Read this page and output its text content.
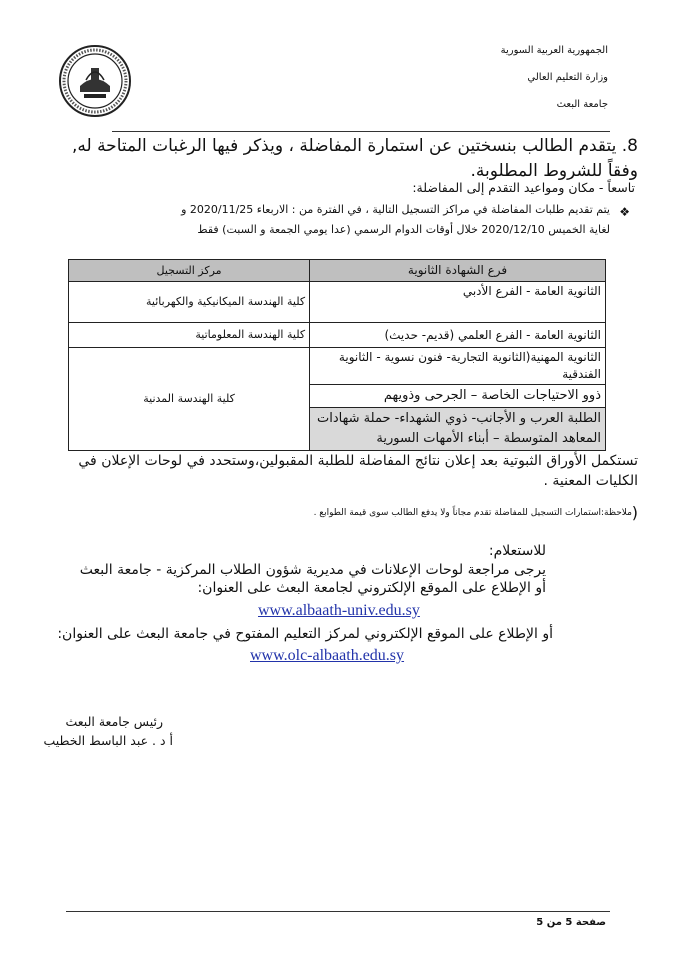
الجمهورية العربية السورية
وزارة التعليم العالي
جامعة البعث
8. يتقدم الطالب بنسختين عن استمارة المفاضلة ، ويذكر فيها الرغبات المتاحة له, وفقاً للشروط المطلوبة.
تاسعاً - مكان ومواعيد التقدم إلى المفاضلة:
❖
يتم تقديم طلبات المفاضلة في مراكز التسجيل التالية ، في الفترة من : الاربعاء 2020/11/25 و
لغاية الخميس 2020/12/10 خلال أوقات الدوام الرسمي (عدا يومي الجمعة و السبت) فقط
فرع الشهادة الثانوية	مركز التسجيل
الثانوية العامة - الفرع الأدبي	كلية الهندسة الميكانيكية والكهربائية
الثانوية العامة - الفرع العلمي (قديم- حديث)	كلية الهندسة المعلوماتية
الثانوية المهنية(الثانوية التجارية- فنون نسوية - الثانوية الفندقية	كلية الهندسة المدنية
ذوو الاحتياجات الخاصة – الجرحى وذويهم	
الطلبة العرب و الأجانب- ذوي الشهداء- حملة شهادات المعاهد المتوسطة – أبناء الأمهات السورية	
تستكمل الأوراق الثبوتية بعد إعلان نتائج المفاضلة للطلبة المقبولين،وستحدد في لوحات الإعلان في الكليات المعنية .
)
ملاحظة:استمارات التسجيل للمفاضلة تقدم مجاناً ولا يدفع الطالب سوى قيمة الطوابع .
للاستعلام:
يرجى مراجعة لوحات الإعلانات في مديرية شؤون الطلاب المركزية - جامعة البعث
أو الإطلاع على الموقع الإلكتروني لجامعة البعث على العنوان:
www.albaath-univ.edu.sy
أو الإطلاع على الموقع الإلكتروني لمركز التعليم المفتوح في جامعة البعث على العنوان:
www.olc-albaath.edu.sy
رئيس جامعة البعث
أ د . عبد الباسط الخطيب
صفحة 5 من 5
